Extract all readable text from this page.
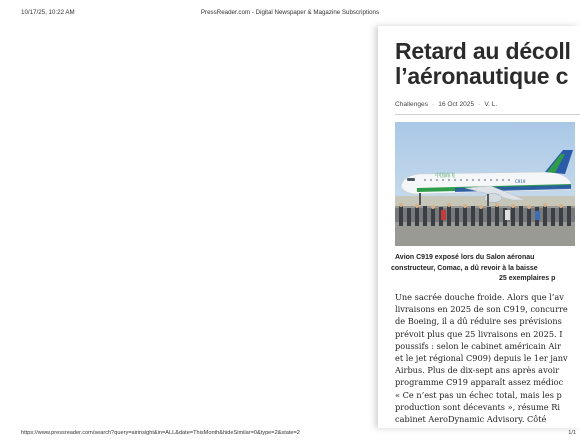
10/17/25, 10:22 AM	PressReader.com - Digital Newspaper & Magazine Subscriptions
Retard au décoll
l’aéronautique c
Challenges · 16 Oct 2025 · V. L.
中国商飞
C919
Avion C919 exposé lors du Salon aéronau
constructeur, Comac, a dû revoir à la baisse
25 exemplaires p
Une sacrée douche froide. Alors que l’av
livraisons en 2025 de son C919, concurre
de Boeing, il a dû réduire ses prévisions
prévoit plus que 25 livraisons en 2025. I
poussifs : selon le cabinet américain Air
et le jet régional C909) depuis le 1er janv
Airbus. Plus de dix-sept ans après avoir
programme C919 apparaît assez médioc
« Ce n’est pas un échec total, mais les p
production sont décevants », résume Ri
cabinet AeroDynamic Advisory. Côté
https://www.pressreader.com/search?query=airinsight&in=ALL&date=ThisMonth&hideSimilar=0&type=2&state=2	1/1
